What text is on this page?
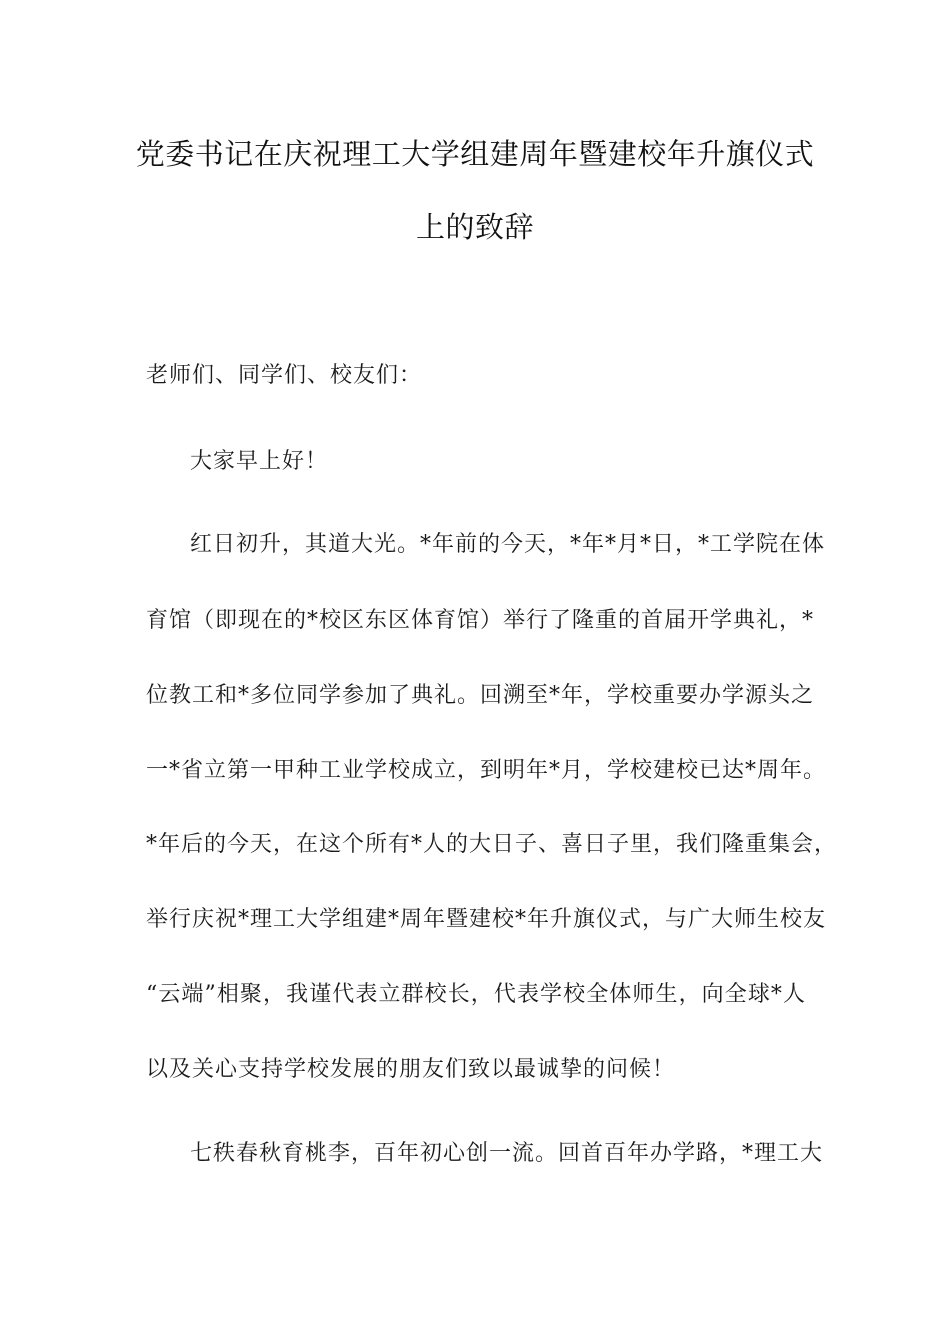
党委书记在庆祝理工大学组建周年暨建校年升旗仪式
上的致辞
老师们、同学们、校友们：
大家早上好！
红日初升，其道大光。*年前的今天，*年*月*日，*工学院在体
育馆（即现在的*校区东区体育馆）举行了隆重的首届开学典礼，*
位教工和*多位同学参加了典礼。回溯至*年，学校重要办学源头之
一*省立第一甲种工业学校成立，到明年*月，学校建校已达*周年。
*年后的今天，在这个所有*人的大日子、喜日子里，我们隆重集会，
举行庆祝*理工大学组建*周年暨建校*年升旗仪式，与广大师生校友
“云端”相聚，我谨代表立群校长，代表学校全体师生，向全球*人
以及关心支持学校发展的朋友们致以最诚挚的问候！
七秩春秋育桃李，百年初心创一流。回首百年办学路，*理工大
